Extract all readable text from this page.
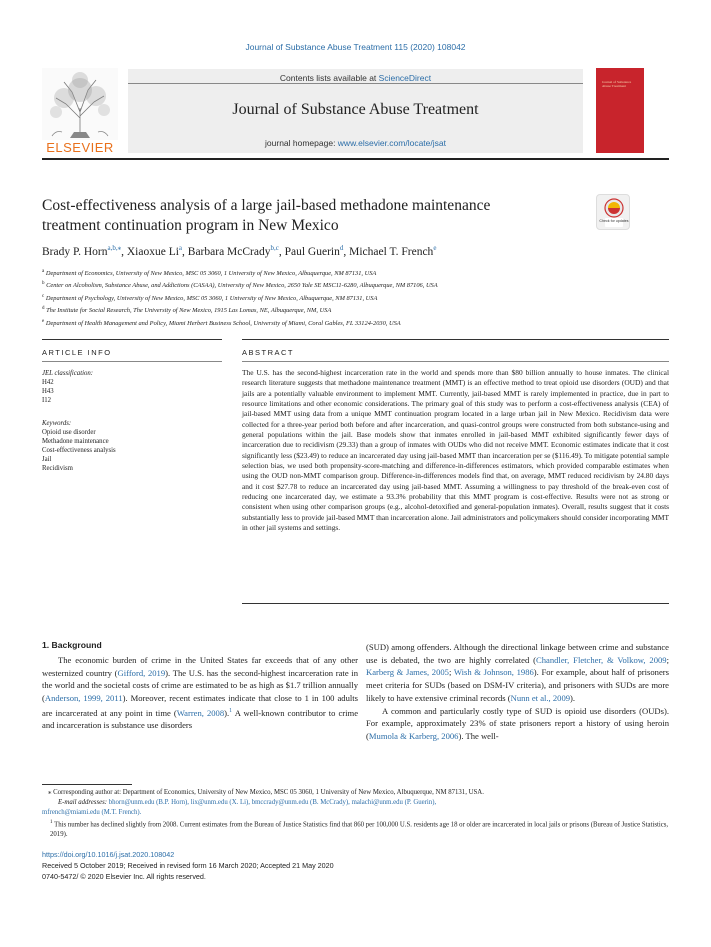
Journal of Substance Abuse Treatment 115 (2020) 108042
Contents lists available at ScienceDirect
Journal of Substance Abuse Treatment
journal homepage: www.elsevier.com/locate/jsat
ELSEVIER
Journal of Substance Abuse Treatment
Cost-effectiveness analysis of a large jail-based methadone maintenance
treatment continuation program in New Mexico	Check for updates
Brady P. Horn$^{a,b,⁎}$, Xiaoxue Li$^a$, Barbara McCrady$^{b,c}$, Paul Guerin$^d$, Michael T. French$^e$
$^a$ Department of Economics, University of New Mexico, MSC 05 3060, 1 University of New Mexico, Albuquerque, NM 87131, USA
$^b$ Center on Alcoholism, Substance Abuse, and Addictions (CASAA), University of New Mexico, 2650 Yale SE MSC11-6280, Albuquerque, NM 87106, USA
$^c$ Department of Psychology, University of New Mexico, MSC 05 3060, 1 University of New Mexico, Albuquerque, NM 87131, USA
$^d$ The Institute for Social Research, The University of New Mexico, 1915 Las Lomas, NE, Albuquerque, NM, USA
$^e$ Department of Health Management and Policy, Miami Herbert Business School, University of Miami, Coral Gables, FL 33124-2030, USA
ARTICLE INFO	ABSTRACT
JEL classification:
H42
H43
I12
Keywords:
Opioid use disorder
Methadone maintenance
Cost-effectiveness analysis
Jail
Recidivism
The U.S. has the second-highest incarceration rate in the world and spends more than $80 billion annually to house inmates. The clinical research literature suggests that methadone maintenance treatment (MMT) is an effective method to treat opioid use disorders (OUD) and that jails are a potentially valuable environment to implement MMT. Currently, jail-based MMT is rarely implemented in practice, due in part to resource limitations and other economic considerations. The primary goal of this study was to perform a cost-effectiveness analysis (CEA) of jail-based MMT using data from a unique MMT continuation program located in a large urban jail in New Mexico. Recidivism data were collected for a three-year period both before and after incarceration, and quasi-control groups were constructed from both substance-using and general populations within the jail. Base models show that inmates enrolled in jail-based MMT exhibited significantly fewer days of incarceration due to recidivism (29.33) than a group of inmates with OUDs who did not receive MMT. Economic estimates indicate that it cost significantly less ($23.49) to reduce an incarcerated day using jail-based MMT than incarceration per se ($116.49). To mitigate potential sample selection bias, we used both propensity-score-matching and difference-in-differences estimators, which provided comparable estimates when using the OUD non-MMT comparison group. Difference-in-differences models find that, on average, MMT reduced recidivism by 24.80 days and it cost $27.78 to reduce an incarcerated day using jail-based MMT. Assuming a willingness to pay threshold of the break-even cost of reducing one incarcerated day, we estimate a 93.3% probability that this MMT program is cost-effective. Results were not as strong or consistent when using other comparison groups (e.g., alcohol-detoxified and general-population inmates). Overall, results suggest that it costs substantially less to provide jail-based MMT than incarceration alone. Jail administrators and policymakers should consider incorporating MMT in other jail systems and settings.
1. Background

The economic burden of crime in the United States far exceeds that of any other westernized country (Gifford, 2019). The U.S. has the second-highest incarceration rate in the world and the societal costs of crime are estimated to be as high as $1.7 trillion annually (Anderson, 1999, 2011). Moreover, recent estimates indicate that close to 1 in 100 adults are incarcerated at any point in time (Warren, 2008).$^1$ A well-known contributor to crime and incarceration is substance use disorders

(SUD) among offenders. Although the directional linkage between crime and substance use is debated, the two are highly correlated (Chandler, Fletcher, & Volkow, 2009; Karberg & James, 2005; Wish & Johnson, 1986). For example, about half of prisoners meet criteria for SUDs (based on DSM-IV criteria), and prisoners with SUDs are more likely to have extensive criminal records (Nunn et al., 2009).

A common and particularly costly type of SUD is opioid use disorders (OUDs). For example, approximately 23% of state prisoners report a history of using heroin (Mumola & Karberg, 2006). The well-

⁎ Corresponding author at: Department of Economics, University of New Mexico, MSC 05 3060, 1 University of New Mexico, Albuquerque, NM 87131, USA.
E-mail addresses: bhorn@unm.edu (B.P. Horn), lix@unm.edu (X. Li), bmccrady@unm.edu (B. McCrady), malachi@unm.edu (P. Guerin),
mfrench@miami.edu (M.T. French).
$^1$ This number has declined slightly from 2008. Current estimates from the Bureau of Justice Statistics find that 860 per 100,000 U.S. residents age 18 or older are incarcerated in local jails or prisons (Bureau of Justice Statistics, 2019).
https://doi.org/10.1016/j.jsat.2020.108042
Received 5 October 2019; Received in revised form 16 March 2020; Accepted 21 May 2020
0740-5472/ © 2020 Elsevier Inc. All rights reserved.
